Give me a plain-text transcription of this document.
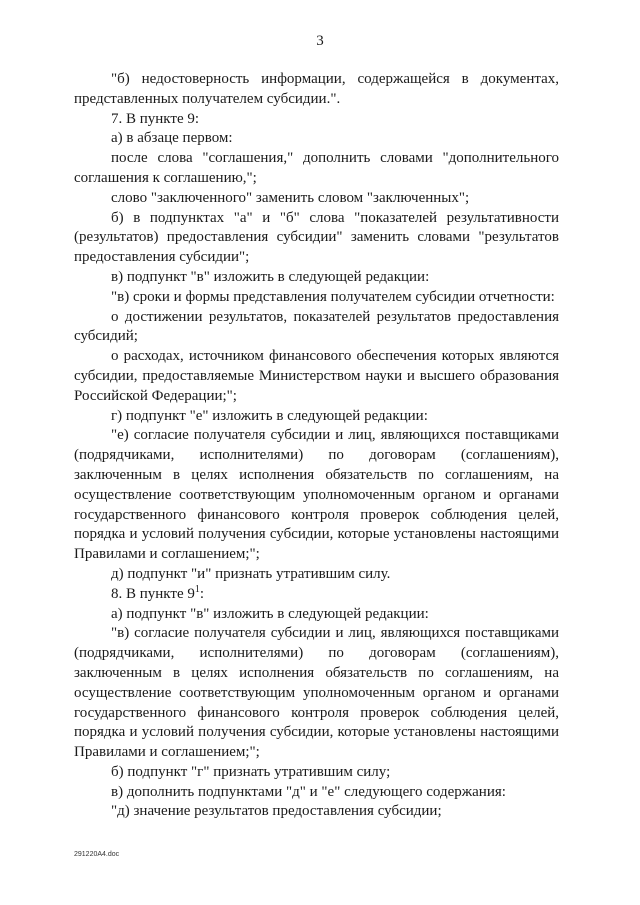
3

"б) недостоверность информации, содержащейся в документах, представленных получателем субсидии.".

7. В пункте 9:

а) в абзаце первом:

после слова "соглашения," дополнить словами "дополнительного соглашения к соглашению,";

слово "заключенного" заменить словом "заключенных";

б) в подпунктах "а" и "б" слова "показателей результативности (результатов) предоставления субсидии" заменить словами "результатов предоставления субсидии";

в) подпункт "в" изложить в следующей редакции:

"в) сроки и формы представления получателем субсидии отчетности:

о достижении результатов, показателей результатов предоставления субсидий;

о расходах, источником финансового обеспечения которых являются субсидии, предоставляемые Министерством науки и высшего образования Российской Федерации;";

г) подпункт "е" изложить в следующей редакции:

"е) согласие получателя субсидии и лиц, являющихся поставщиками (подрядчиками, исполнителями) по договорам (соглашениям), заключенным в целях исполнения обязательств по соглашениям, на осуществление соответствующим уполномоченным органом и органами государственного финансового контроля проверок соблюдения целей, порядка и условий получения субсидии, которые установлены настоящими Правилами и соглашением;";

д) подпункт "и" признать утратившим силу.

8. В пункте $9^1$:

а) подпункт "в" изложить в следующей редакции:

"в) согласие получателя субсидии и лиц, являющихся поставщиками (подрядчиками, исполнителями) по договорам (соглашениям), заключенным в целях исполнения обязательств по соглашениям, на осуществление соответствующим уполномоченным органом и органами государственного финансового контроля проверок соблюдения целей, порядка и условий получения субсидии, которые установлены настоящими Правилами и соглашением;";

б) подпункт "г" признать утратившим силу;

в) дополнить подпунктами "д" и "е" следующего содержания:

"д) значение результатов предоставления субсидии;

291220А4.doc
